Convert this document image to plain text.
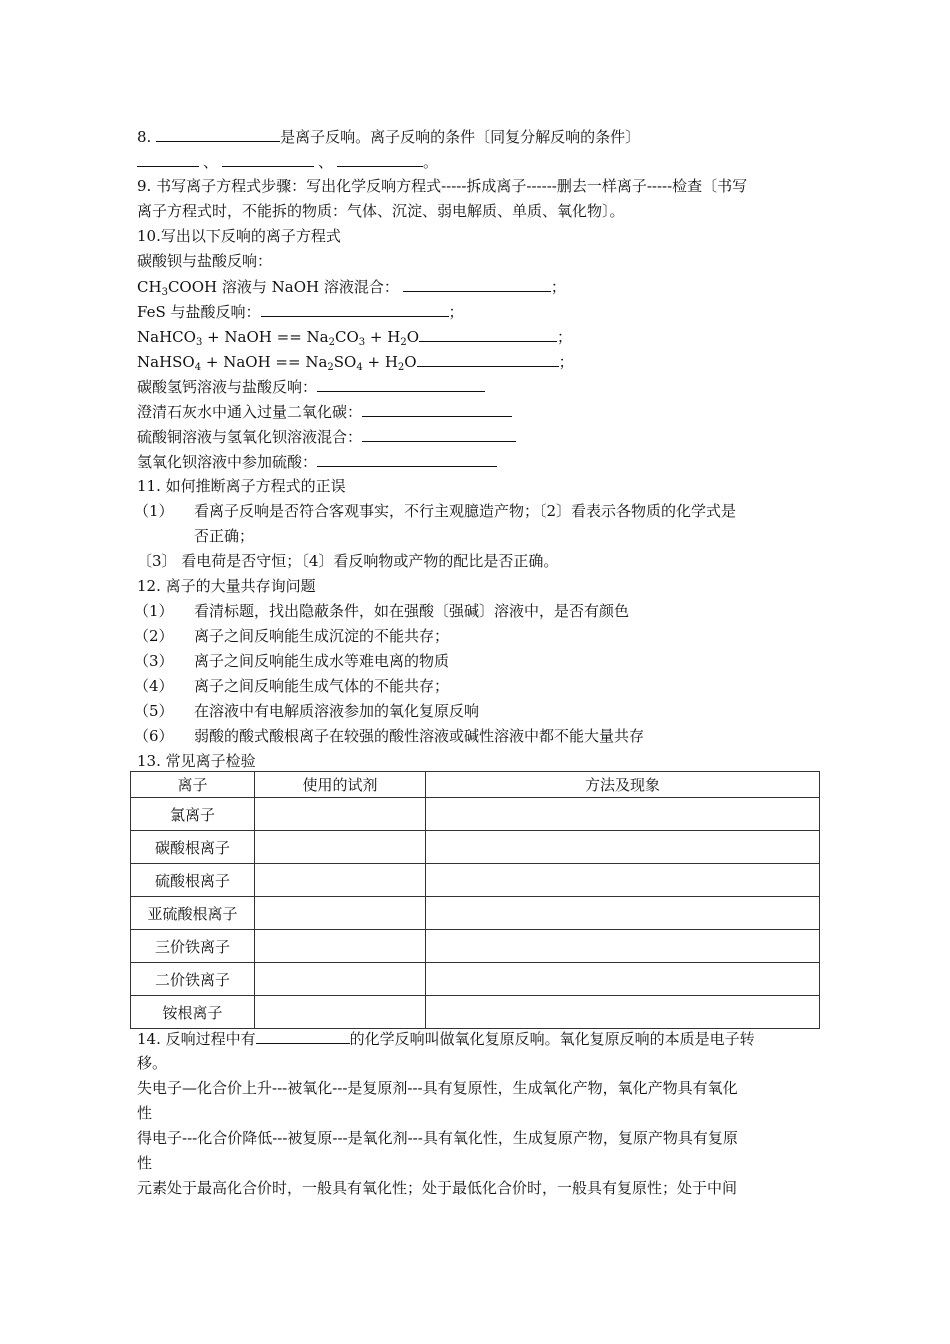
8.	是离子反响。离子反响的条件〔同复分解反响的条件〕
、	、	。
9. 书写离子方程式步骤：写出化学反响方程式-----拆成离子------删去一样离子-----检查〔书写
离子方程式时，不能拆的物质：气体、沉淀、弱电解质、单质、氧化物〕。
10.写出以下反响的离子方程式
碳酸钡与盐酸反响：
$CH_3COOH$ 溶液与 NaOH 溶液混合：	；
FeS 与盐酸反响：	；
NaHCO$_3$ + NaOH == $Na_2CO_3 + H_2O$	；
NaHSO$_4$ + NaOH == $Na_2SO_4 + H_2O$	；
碳酸氢钙溶液与盐酸反响：
澄清石灰水中通入过量二氧化碳：
硫酸铜溶液与氢氧化钡溶液混合：
氢氧化钡溶液中参加硫酸：
11. 如何推断离子方程式的正误
（1） 看离子反响是否符合客观事实，不行主观臆造产物；〔2〕看表示各物质的化学式是
否正确；
〔3〕 看电荷是否守恒；〔4〕看反响物或产物的配比是否正确。
12. 离子的大量共存询问题
（1） 看清标题，找出隐蔽条件，如在强酸〔强碱〕溶液中，是否有颜色
（2） 离子之间反响能生成沉淀的不能共存；
（3） 离子之间反响能生成水等难电离的物质
（4） 离子之间反响能生成气体的不能共存；
（5） 在溶液中有电解质溶液参加的氧化复原反响
（6） 弱酸的酸式酸根离子在较强的酸性溶液或碱性溶液中都不能大量共存
13. 常见离子检验
离子	使用的试剂	方法及现象
氯离子		
碳酸根离子		
硫酸根离子		
亚硫酸根离子		
三价铁离子		
二价铁离子		
铵根离子		
14. 反响过程中有	的化学反响叫做氧化复原反响。氧化复原反响的本质是电子转
移。
失电子—化合价上升---被氧化---是复原剂---具有复原性，生成氧化产物，氧化产物具有氧化
性
得电子---化合价降低---被复原---是氧化剂---具有氧化性，生成复原产物，复原产物具有复原
性
元素处于最高化合价时，一般具有氧化性；处于最低化合价时，一般具有复原性；处于中间
